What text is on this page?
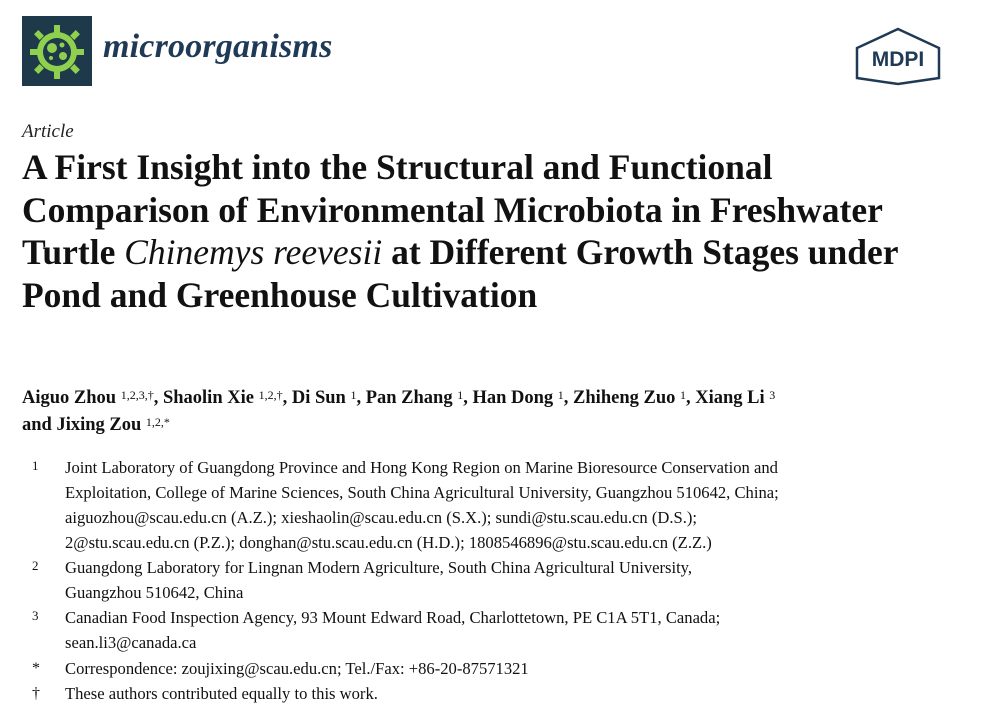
microorganisms	MDPI
Article
A First Insight into the Structural and Functional Comparison of Environmental Microbiota in Freshwater Turtle Chinemys reevesii at Different Growth Stages under Pond and Greenhouse Cultivation
Aiguo Zhou $^{1,2,3,\dagger}$, Shaolin Xie $^{1,2,\dagger}$, Di Sun $^1$, Pan Zhang $^1$, Han Dong $^1$, Zhiheng Zuo $^1$, Xiang Li $^3$
and Jixing Zou $^{1,2,*}$
1	Joint Laboratory of Guangdong Province and Hong Kong Region on Marine Bioresource Conservation and
Exploitation, College of Marine Sciences, South China Agricultural University, Guangzhou 510642, China;
aiguozhou@scau.edu.cn (A.Z.); xieshaolin@scau.edu.cn (S.X.); sundi@stu.scau.edu.cn (D.S.);
2@stu.scau.edu.cn (P.Z.); donghan@stu.scau.edu.cn (H.D.); 1808546896@stu.scau.edu.cn (Z.Z.)
2	Guangdong Laboratory for Lingnan Modern Agriculture, South China Agricultural University,
Guangzhou 510642, China
3	Canadian Food Inspection Agency, 93 Mount Edward Road, Charlottetown, PE C1A 5T1, Canada;
sean.li3@canada.ca
*	Correspondence: zoujixing@scau.edu.cn; Tel./Fax: +86-20-87571321
†	These authors contributed equally to this work.
